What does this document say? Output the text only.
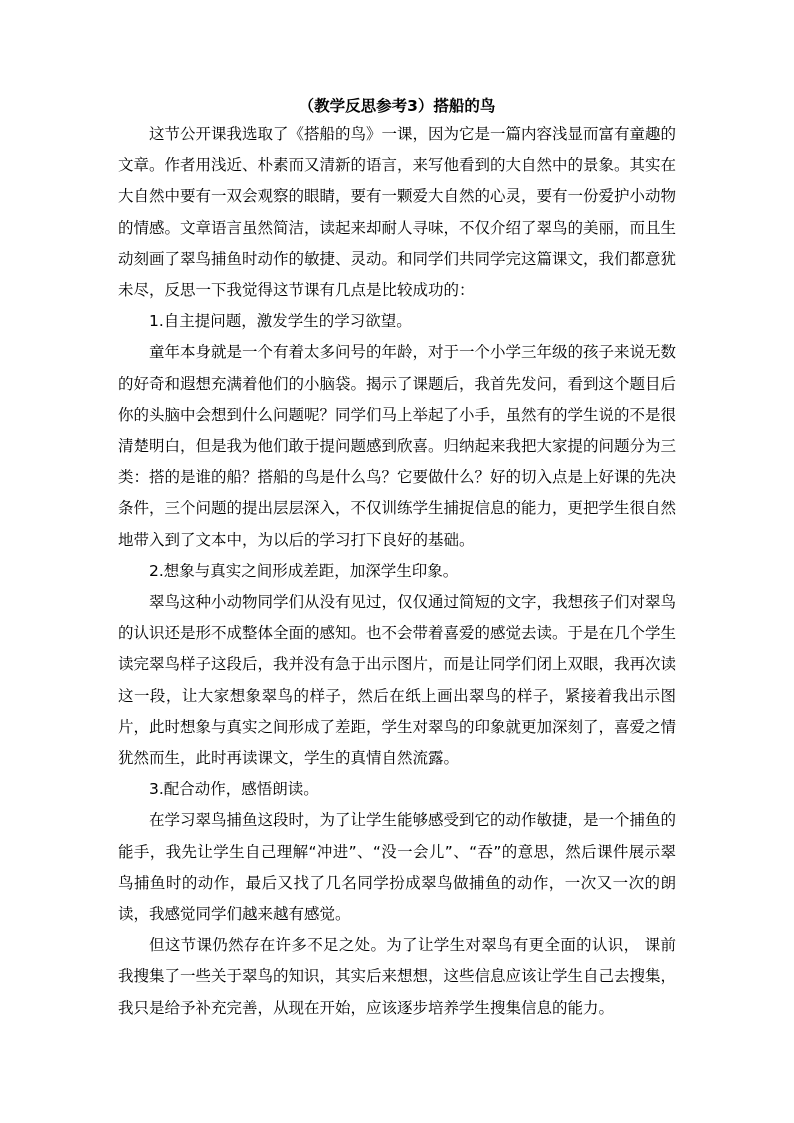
（教学反思参考3）搭船的鸟

这节公开课我选取了《搭船的鸟》一课，因为它是一篇内容浅显而富有童趣的文章。作者用浅近、朴素而又清新的语言，来写他看到的大自然中的景象。其实在大自然中要有一双会观察的眼睛，要有一颗爱大自然的心灵，要有一份爱护小动物的情感。文章语言虽然简洁，读起来却耐人寻味，不仅介绍了翠鸟的美丽，而且生动刻画了翠鸟捕鱼时动作的敏捷、灵动。和同学们共同学完这篇课文，我们都意犹未尽，反思一下我觉得这节课有几点是比较成功的：

1.自主提问题，激发学生的学习欲望。

童年本身就是一个有着太多问号的年龄，对于一个小学三年级的孩子来说无数的好奇和遐想充满着他们的小脑袋。揭示了课题后，我首先发问，看到这个题目后你的头脑中会想到什么问题呢？同学们马上举起了小手，虽然有的学生说的不是很清楚明白，但是我为他们敢于提问题感到欣喜。归纳起来我把大家提的问题分为三类：搭的是谁的船？搭船的鸟是什么鸟？它要做什么？好的切入点是上好课的先决条件，三个问题的提出层层深入，不仅训练学生捕捉信息的能力，更把学生很自然地带入到了文本中，为以后的学习打下良好的基础。

2.想象与真实之间形成差距，加深学生印象。

翠鸟这种小动物同学们从没有见过，仅仅通过简短的文字，我想孩子们对翠鸟的认识还是形不成整体全面的感知。也不会带着喜爱的感觉去读。于是在几个学生读完翠鸟样子这段后，我并没有急于出示图片，而是让同学们闭上双眼，我再次读这一段，让大家想象翠鸟的样子，然后在纸上画出翠鸟的样子，紧接着我出示图片，此时想象与真实之间形成了差距，学生对翠鸟的印象就更加深刻了，喜爱之情犹然而生，此时再读课文，学生的真情自然流露。

3.配合动作，感悟朗读。

在学习翠鸟捕鱼这段时，为了让学生能够感受到它的动作敏捷，是一个捕鱼的能手，我先让学生自己理解“冲进”、“没一会儿”、“吞”的意思，然后课件展示翠鸟捕鱼时的动作，最后又找了几名同学扮成翠鸟做捕鱼的动作，一次又一次的朗读，我感觉同学们越来越有感觉。

但这节课仍然存在许多不足之处。为了让学生对翠鸟有更全面的认识， 课前我搜集了一些关于翠鸟的知识，其实后来想想，这些信息应该让学生自己去搜集，我只是给予补充完善，从现在开始，应该逐步培养学生搜集信息的能力。
